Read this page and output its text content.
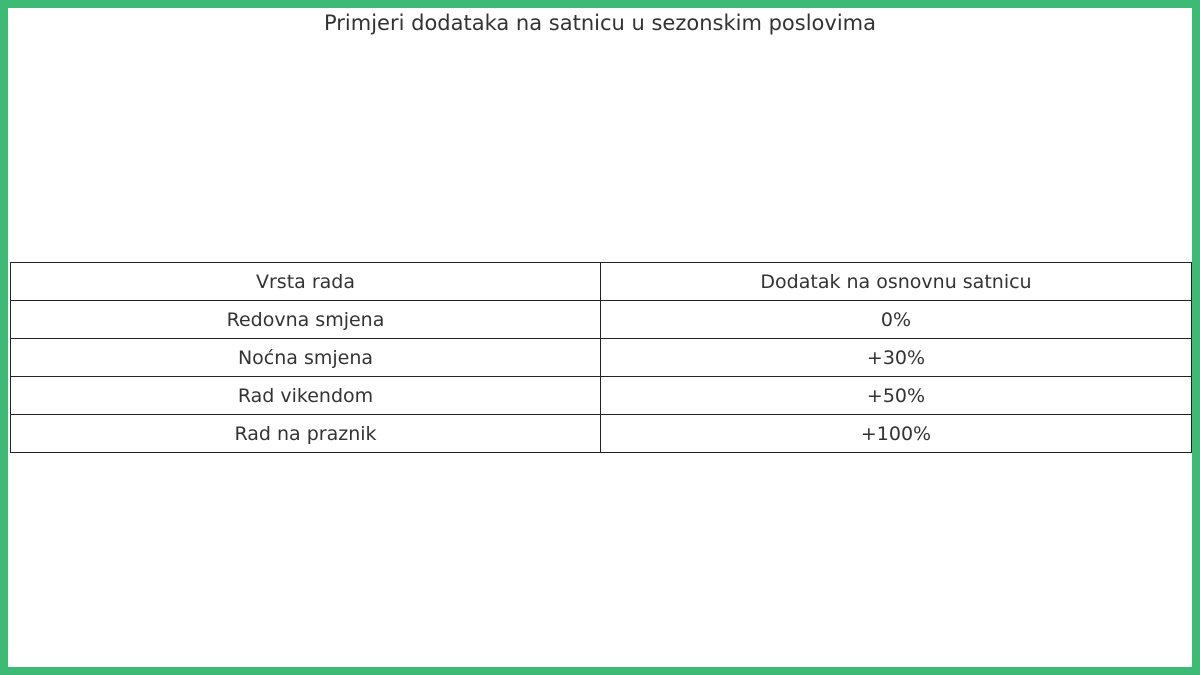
Primjeri dodataka na satnicu u sezonskim poslovima
Vrsta rada	Dodatak na osnovnu satnicu
Redovna smjena	0%
Noćna smjena	+30%
Rad vikendom	+50%
Rad na praznik	+100%
